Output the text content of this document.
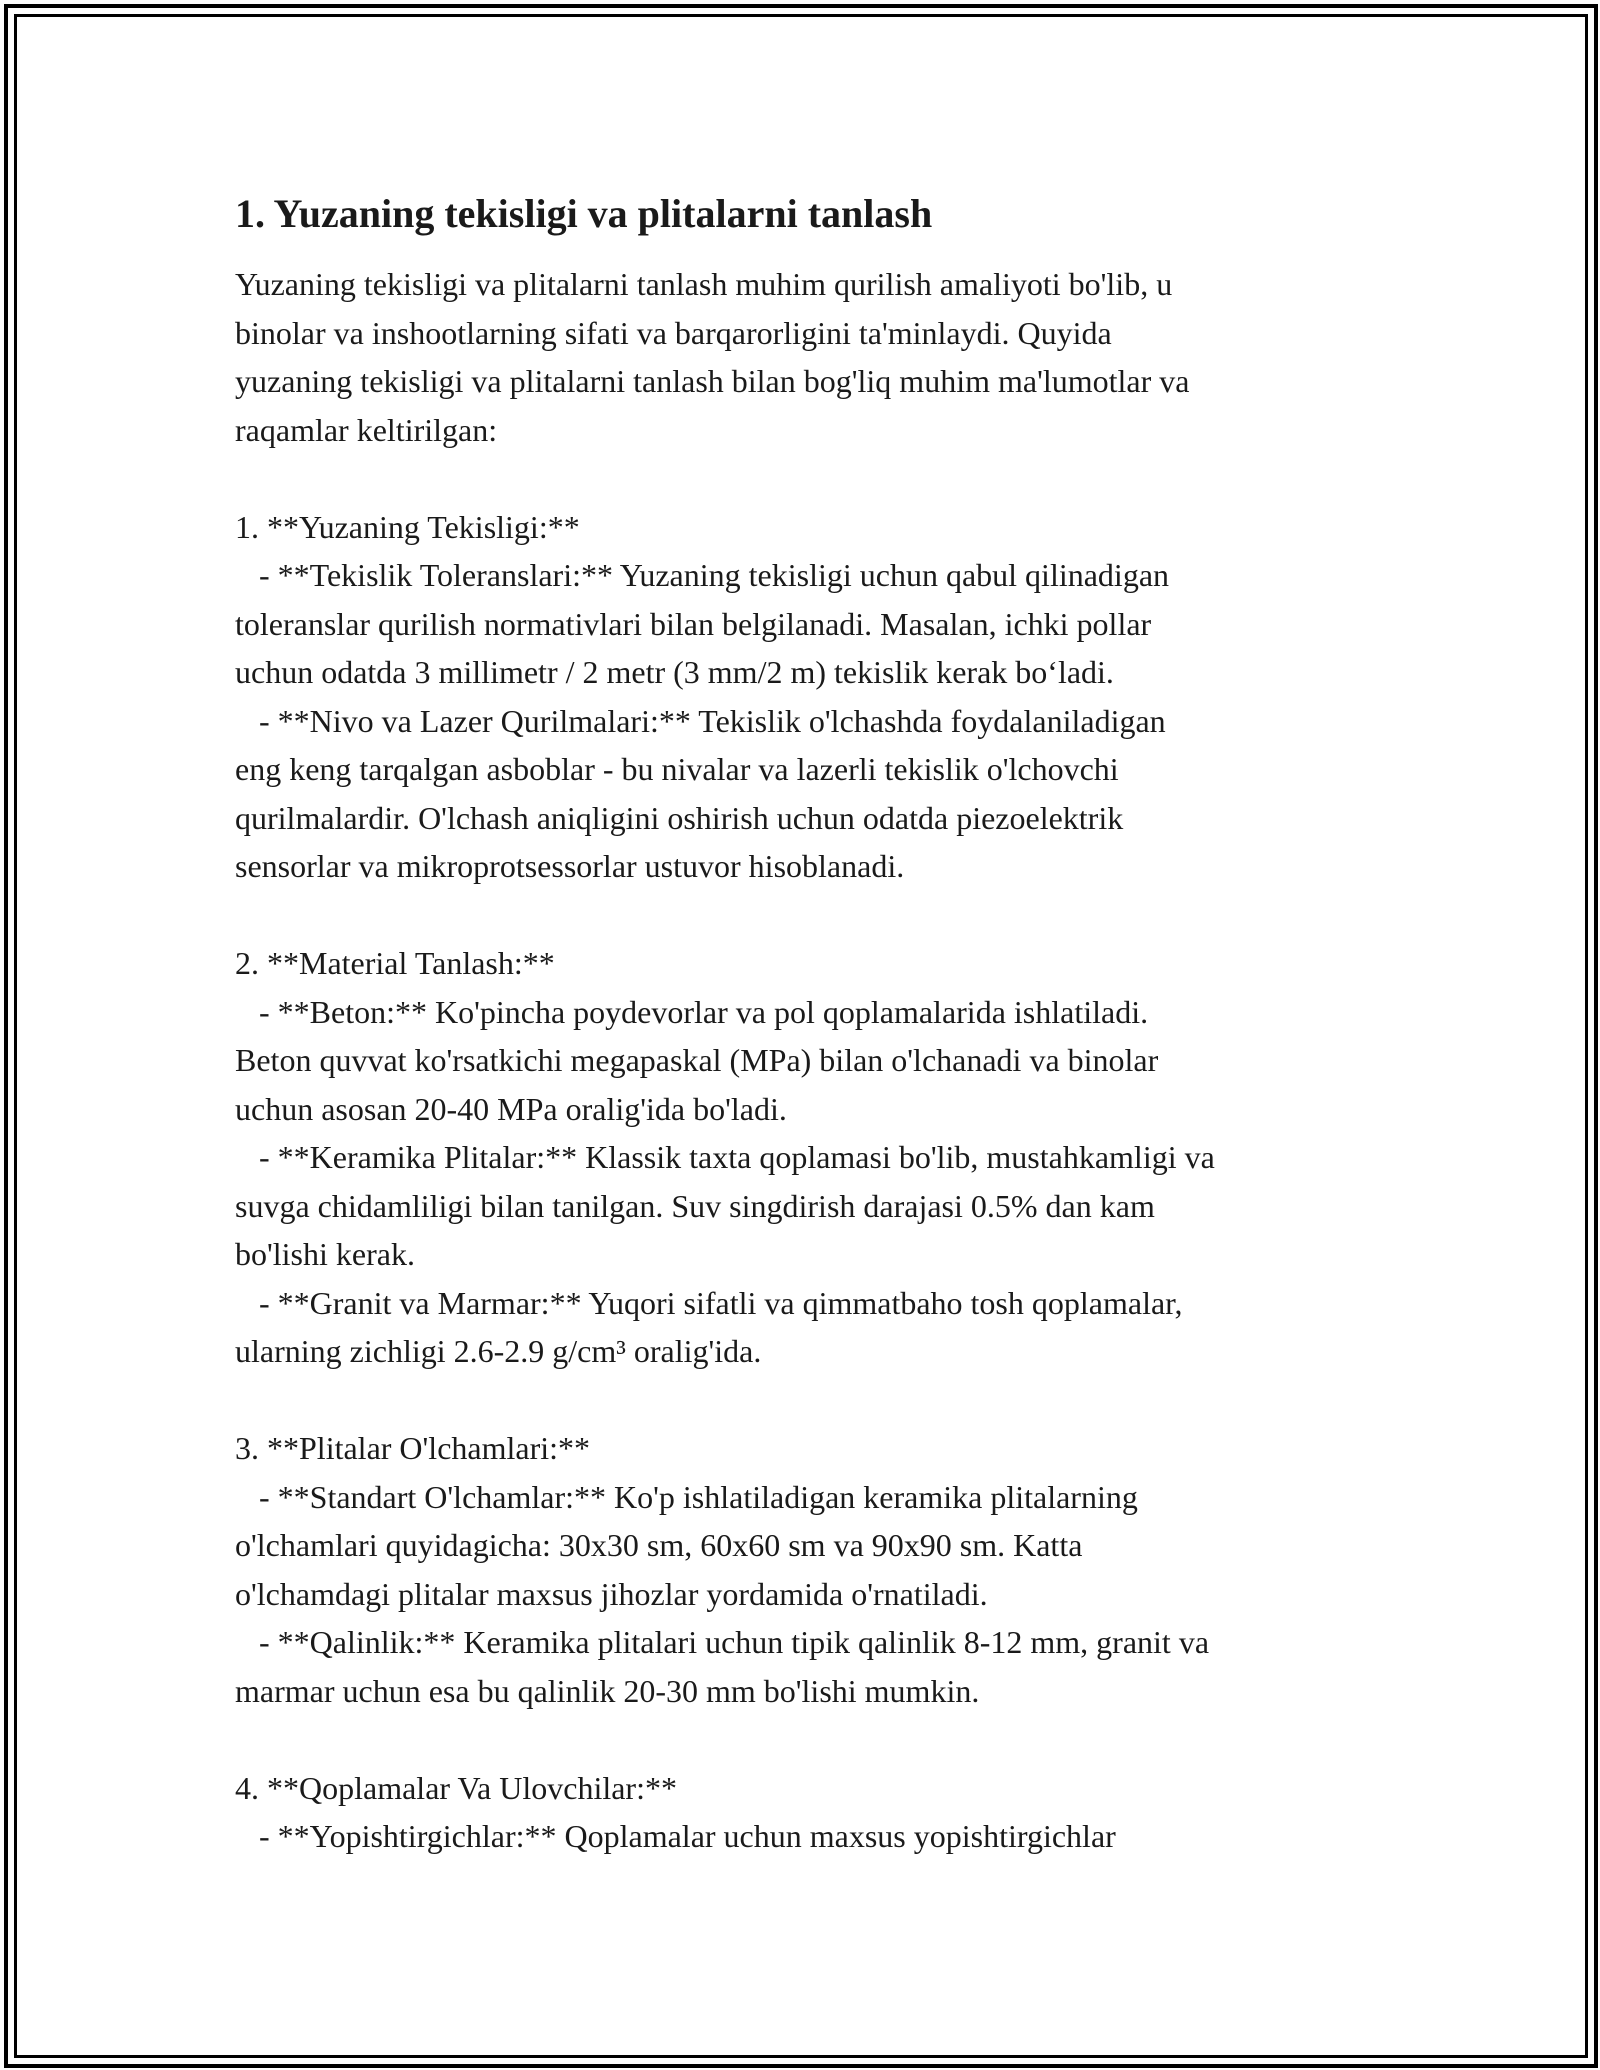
1. Yuzaning tekisligi va plitalarni tanlash

Yuzaning tekisligi va plitalarni tanlash muhim qurilish amaliyoti bo'lib, u
binolar va inshootlarning sifati va barqarorligini ta'minlaydi. Quyida
yuzaning tekisligi va plitalarni tanlash bilan bog'liq muhim ma'lumotlar va
raqamlar keltirilgan:

1. **Yuzaning Tekisligi:**
- **Tekislik Toleranslari:** Yuzaning tekisligi uchun qabul qilinadigan
toleranslar qurilish normativlari bilan belgilanadi. Masalan, ichki pollar
uchun odatda 3 millimetr / 2 metr (3 mm/2 m) tekislik kerak bo‘ladi.
- **Nivo va Lazer Qurilmalari:** Tekislik o'lchashda foydalaniladigan
eng keng tarqalgan asboblar - bu nivalar va lazerli tekislik o'lchovchi
qurilmalardir. O'lchash aniqligini oshirish uchun odatda piezoelektrik
sensorlar va mikroprotsessorlar ustuvor hisoblanadi.

2. **Material Tanlash:**
- **Beton:** Ko'pincha poydevorlar va pol qoplamalarida ishlatiladi.
Beton quvvat ko'rsatkichi megapaskal (MPa) bilan o'lchanadi va binolar
uchun asosan 20-40 MPa oralig'ida bo'ladi.
- **Keramika Plitalar:** Klassik taxta qoplamasi bo'lib, mustahkamligi va
suvga chidamliligi bilan tanilgan. Suv singdirish darajasi 0.5% dan kam
bo'lishi kerak.
- **Granit va Marmar:** Yuqori sifatli va qimmatbaho tosh qoplamalar,
ularning zichligi 2.6-2.9 g/cm³ oralig'ida.

3. **Plitalar O'lchamlari:**
- **Standart O'lchamlar:** Ko'p ishlatiladigan keramika plitalarning
o'lchamlari quyidagicha: 30x30 sm, 60x60 sm va 90x90 sm. Katta
o'lchamdagi plitalar maxsus jihozlar yordamida o'rnatiladi.
- **Qalinlik:** Keramika plitalari uchun tipik qalinlik 8-12 mm, granit va
marmar uchun esa bu qalinlik 20-30 mm bo'lishi mumkin.

4. **Qoplamalar Va Ulovchilar:**
- **Yopishtirgichlar:** Qoplamalar uchun maxsus yopishtirgichlar
